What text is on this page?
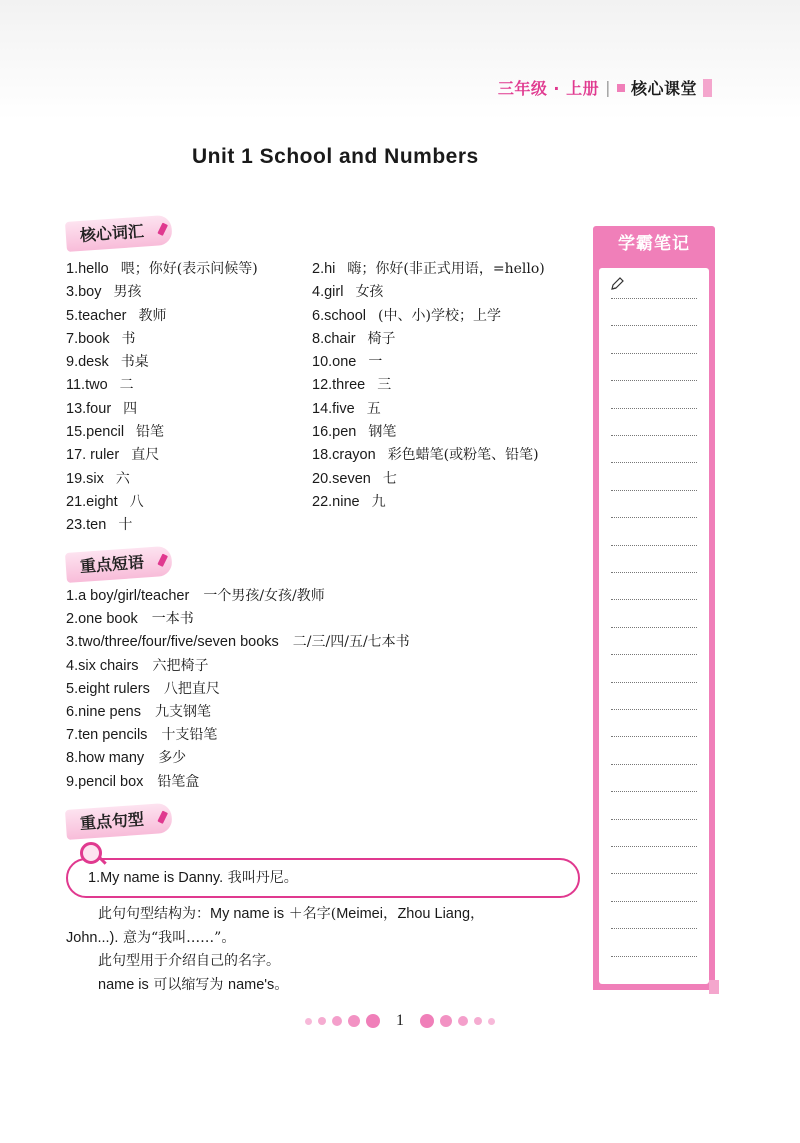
三年级 · 上册 | 核心课堂
Unit 1 School and Numbers
核心词汇
1.hello 喂；你好(表示问候等)	2.hi 嗨；你好(非正式用语，=hello)
3.boy 男孩	4.girl 女孩
5.teacher 教师	6.school (中、小)学校；上学
7.book 书	8.chair 椅子
9.desk 书桌	10.one 一
11.two 二	12.three 三
13.four 四	14.five 五
15.pencil 铅笔	16.pen 钢笔
17. ruler 直尺	18.crayon 彩色蜡笔(或粉笔、铅笔)
19.six 六	20.seven 七
21.eight 八	22.nine 九
23.ten 十
重点短语
1.a boy/girl/teacher 一个男孩/女孩/教师
2.one book 一本书
3.two/three/four/five/seven books 二/三/四/五/七本书
4.six chairs 六把椅子
5.eight rulers 八把直尺
6.nine pens 九支钢笔
7.ten pencils 十支铅笔
8.how many 多少
9.pencil box 铅笔盒
重点句型
1.My name is Danny. 我叫丹尼。

此句句型结构为：My name is ＋名字(Meimei，Zhou Liang，

John...). 意为“我叫……”。

此句型用于介绍自己的名字。

name is 可以缩写为 name's。

学霸笔记
1
